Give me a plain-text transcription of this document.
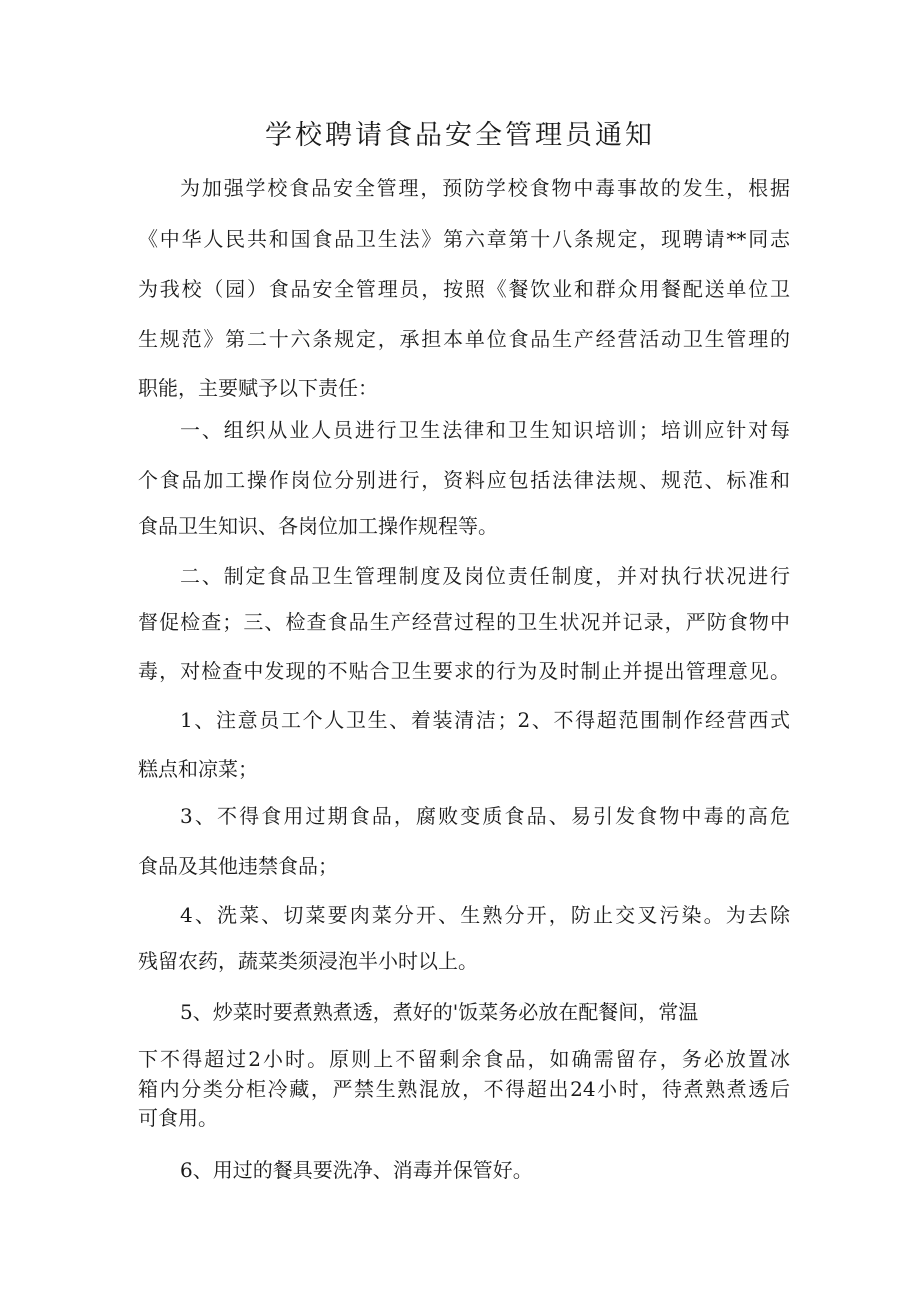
学校聘请食品安全管理员通知
为加强学校食品安全管理，预防学校食物中毒事故的发生，根据
《中华人民共和国食品卫生法》第六章第十八条规定，现聘请**同志
为我校（园）食品安全管理员，按照《餐饮业和群众用餐配送单位卫
生规范》第二十六条规定，承担本单位食品生产经营活动卫生管理的
职能，主要赋予以下责任：
一、组织从业人员进行卫生法律和卫生知识培训；培训应针对每
个食品加工操作岗位分别进行，资料应包括法律法规、规范、标准和
食品卫生知识、各岗位加工操作规程等。
二、制定食品卫生管理制度及岗位责任制度，并对执行状况进行
督促检查；三、检查食品生产经营过程的卫生状况并记录，严防食物中
毒，对检查中发现的不贴合卫生要求的行为及时制止并提出管理意见。
1、注意员工个人卫生、着装清洁；2、不得超范围制作经营西式
糕点和凉菜；
3、不得食用过期食品，腐败变质食品、易引发食物中毒的高危
食品及其他违禁食品；
4、洗菜、切菜要肉菜分开、生熟分开，防止交叉污染。为去除
残留农药，蔬菜类须浸泡半小时以上。
5、炒菜时要煮熟煮透，煮好的'饭菜务必放在配餐间，常温
下不得超过2小时。原则上不留剩余食品，如确需留存，务必放置冰
箱内分类分柜冷藏，严禁生熟混放，不得超出24小时，待煮熟煮透后
可食用。
6、用过的餐具要洗净、消毒并保管好。
